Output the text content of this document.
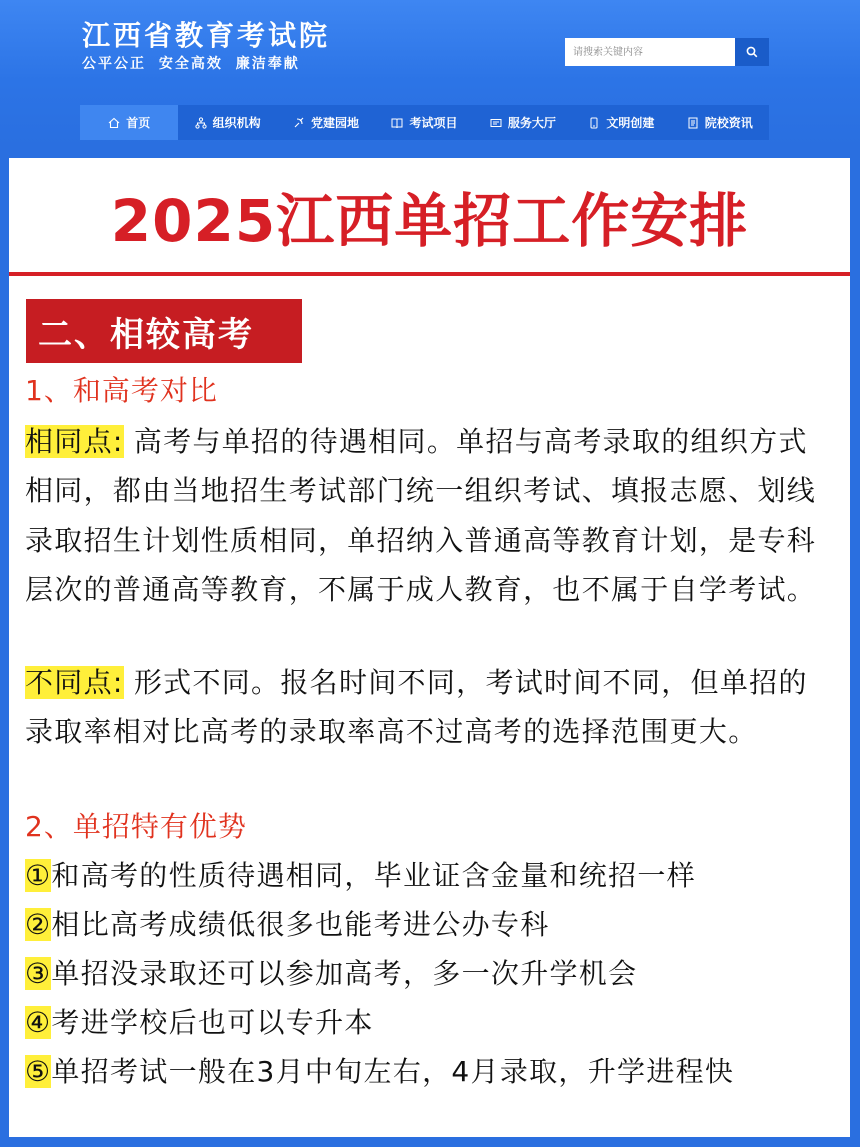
江西省教育考试院
公平公正 安全高效 廉洁奉献
请搜索关键内容
首页	组织机构	党建园地	考试项目	服务大厅	文明创建	院校资讯
2025江西单招工作安排
二、相较高考
1、和高考对比
相同点: 高考与单招的待遇相同。单招与高考录取的组织方式相同，都由当地招生考试部门统一组织考试、填报志愿、划线录取招生计划性质相同，单招纳入普通高等教育计划，是专科层次的普通高等教育，不属于成人教育，也不属于自学考试。
不同点: 形式不同。报名时间不同，考试时间不同，但单招的录取率相对比高考的录取率高不过高考的选择范围更大。
2、单招特有优势
①和高考的性质待遇相同，毕业证含金量和统招一样
②相比高考成绩低很多也能考进公办专科
③单招没录取还可以参加高考，多一次升学机会
④考进学校后也可以专升本
⑤单招考试一般在3月中旬左右，4月录取，升学进程快
